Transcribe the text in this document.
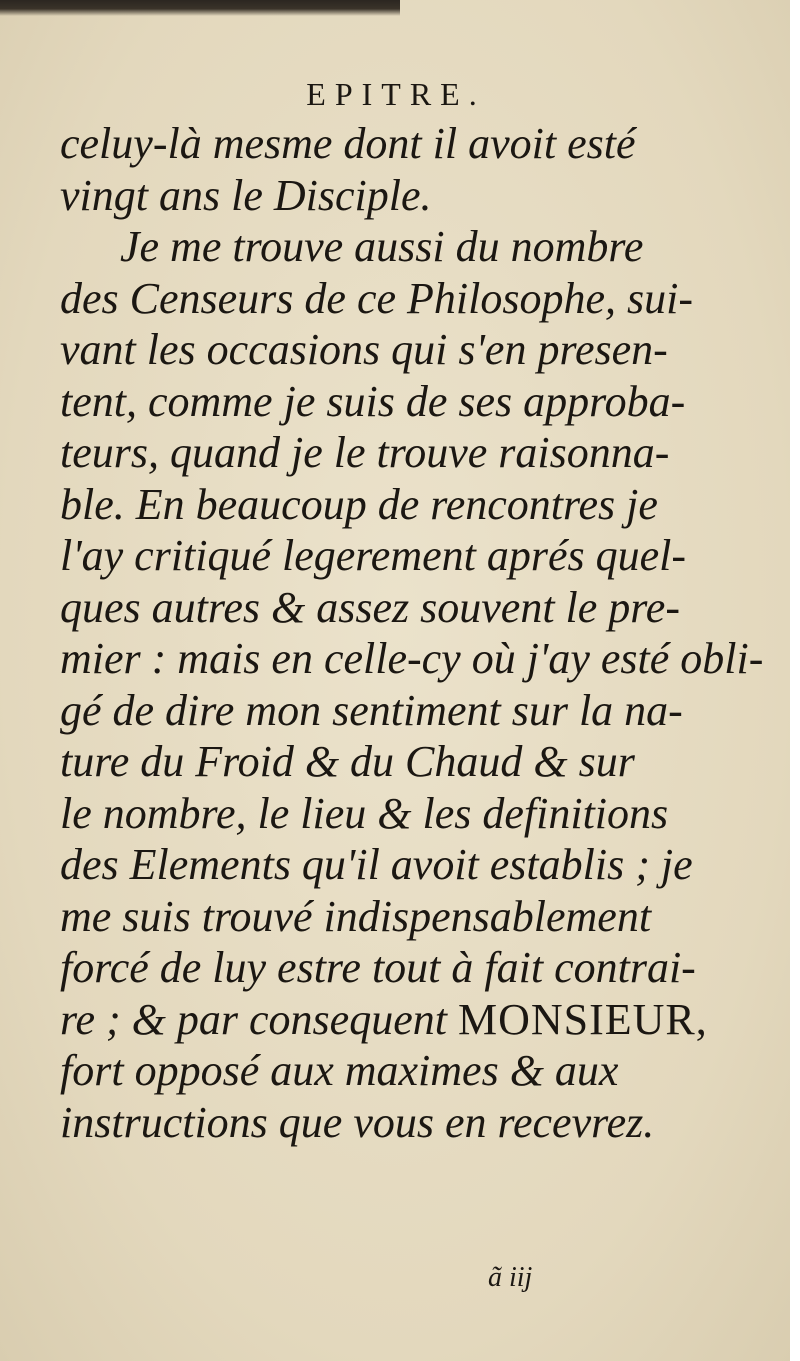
EPITRE.
celuy-là mesme dont il avoit esté
vingt ans le Disciple.
Je me trouve aussi du nombre
des Censeurs de ce Philosophe, sui-
vant les occasions qui s'en presen-
tent, comme je suis de ses approba-
teurs, quand je le trouve raisonna-
ble. En beaucoup de rencontres je
l'ay critiqué legerement aprés quel-
ques autres & assez souvent le pre-
mier : mais en celle-cy où j'ay esté obli-
gé de dire mon sentiment sur la na-
ture du Froid & du Chaud & sur
le nombre, le lieu & les definitions
des Elements qu'il avoit establis ; je
me suis trouvé indispensablement
forcé de luy estre tout à fait contrai-
re ; & par consequent MONSIEUR,
fort opposé aux maximes & aux
instructions que vous en recevrez.
ã iij
